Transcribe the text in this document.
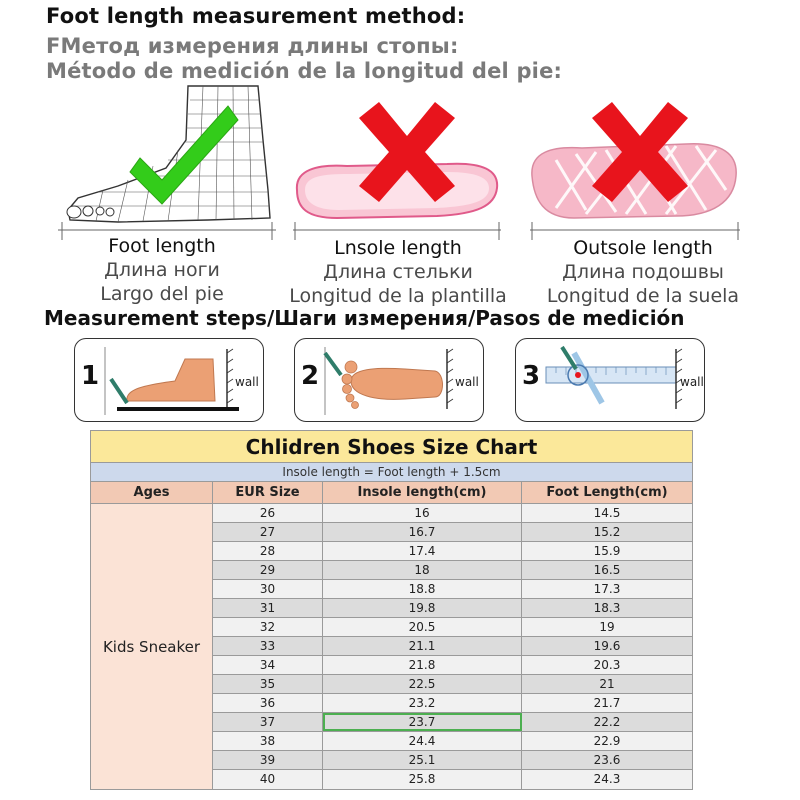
Foot length measurement method:
FМетод измерения длины стопы:
Método de medición de la longitud del pie:
Foot length
Длина ноги
Largo del pie
Lnsole length
Длина стельки
Longitud de la plantilla
Outsole length
Длина подошвы
Longitud de la suela
Measurement steps/Шаги измерения/Pasos de medición
1	wall 2	wall 3	wall
Chlidren Shoes Size Chart
Insole length = Foot length + 1.5cm
Ages	EUR Size	Insole length(cm)	Foot Length(cm)
Kids Sneaker
26	16	14.5
27	16.7	15.2
28	17.4	15.9
29	18	16.5
30	18.8	17.3
31	19.8	18.3
32	20.5	19
33	21.1	19.6
34	21.8	20.3
35	22.5	21
36	23.2	21.7
37	23.7	22.2
38	24.4	22.9
39	25.1	23.6
40	25.8	24.3
